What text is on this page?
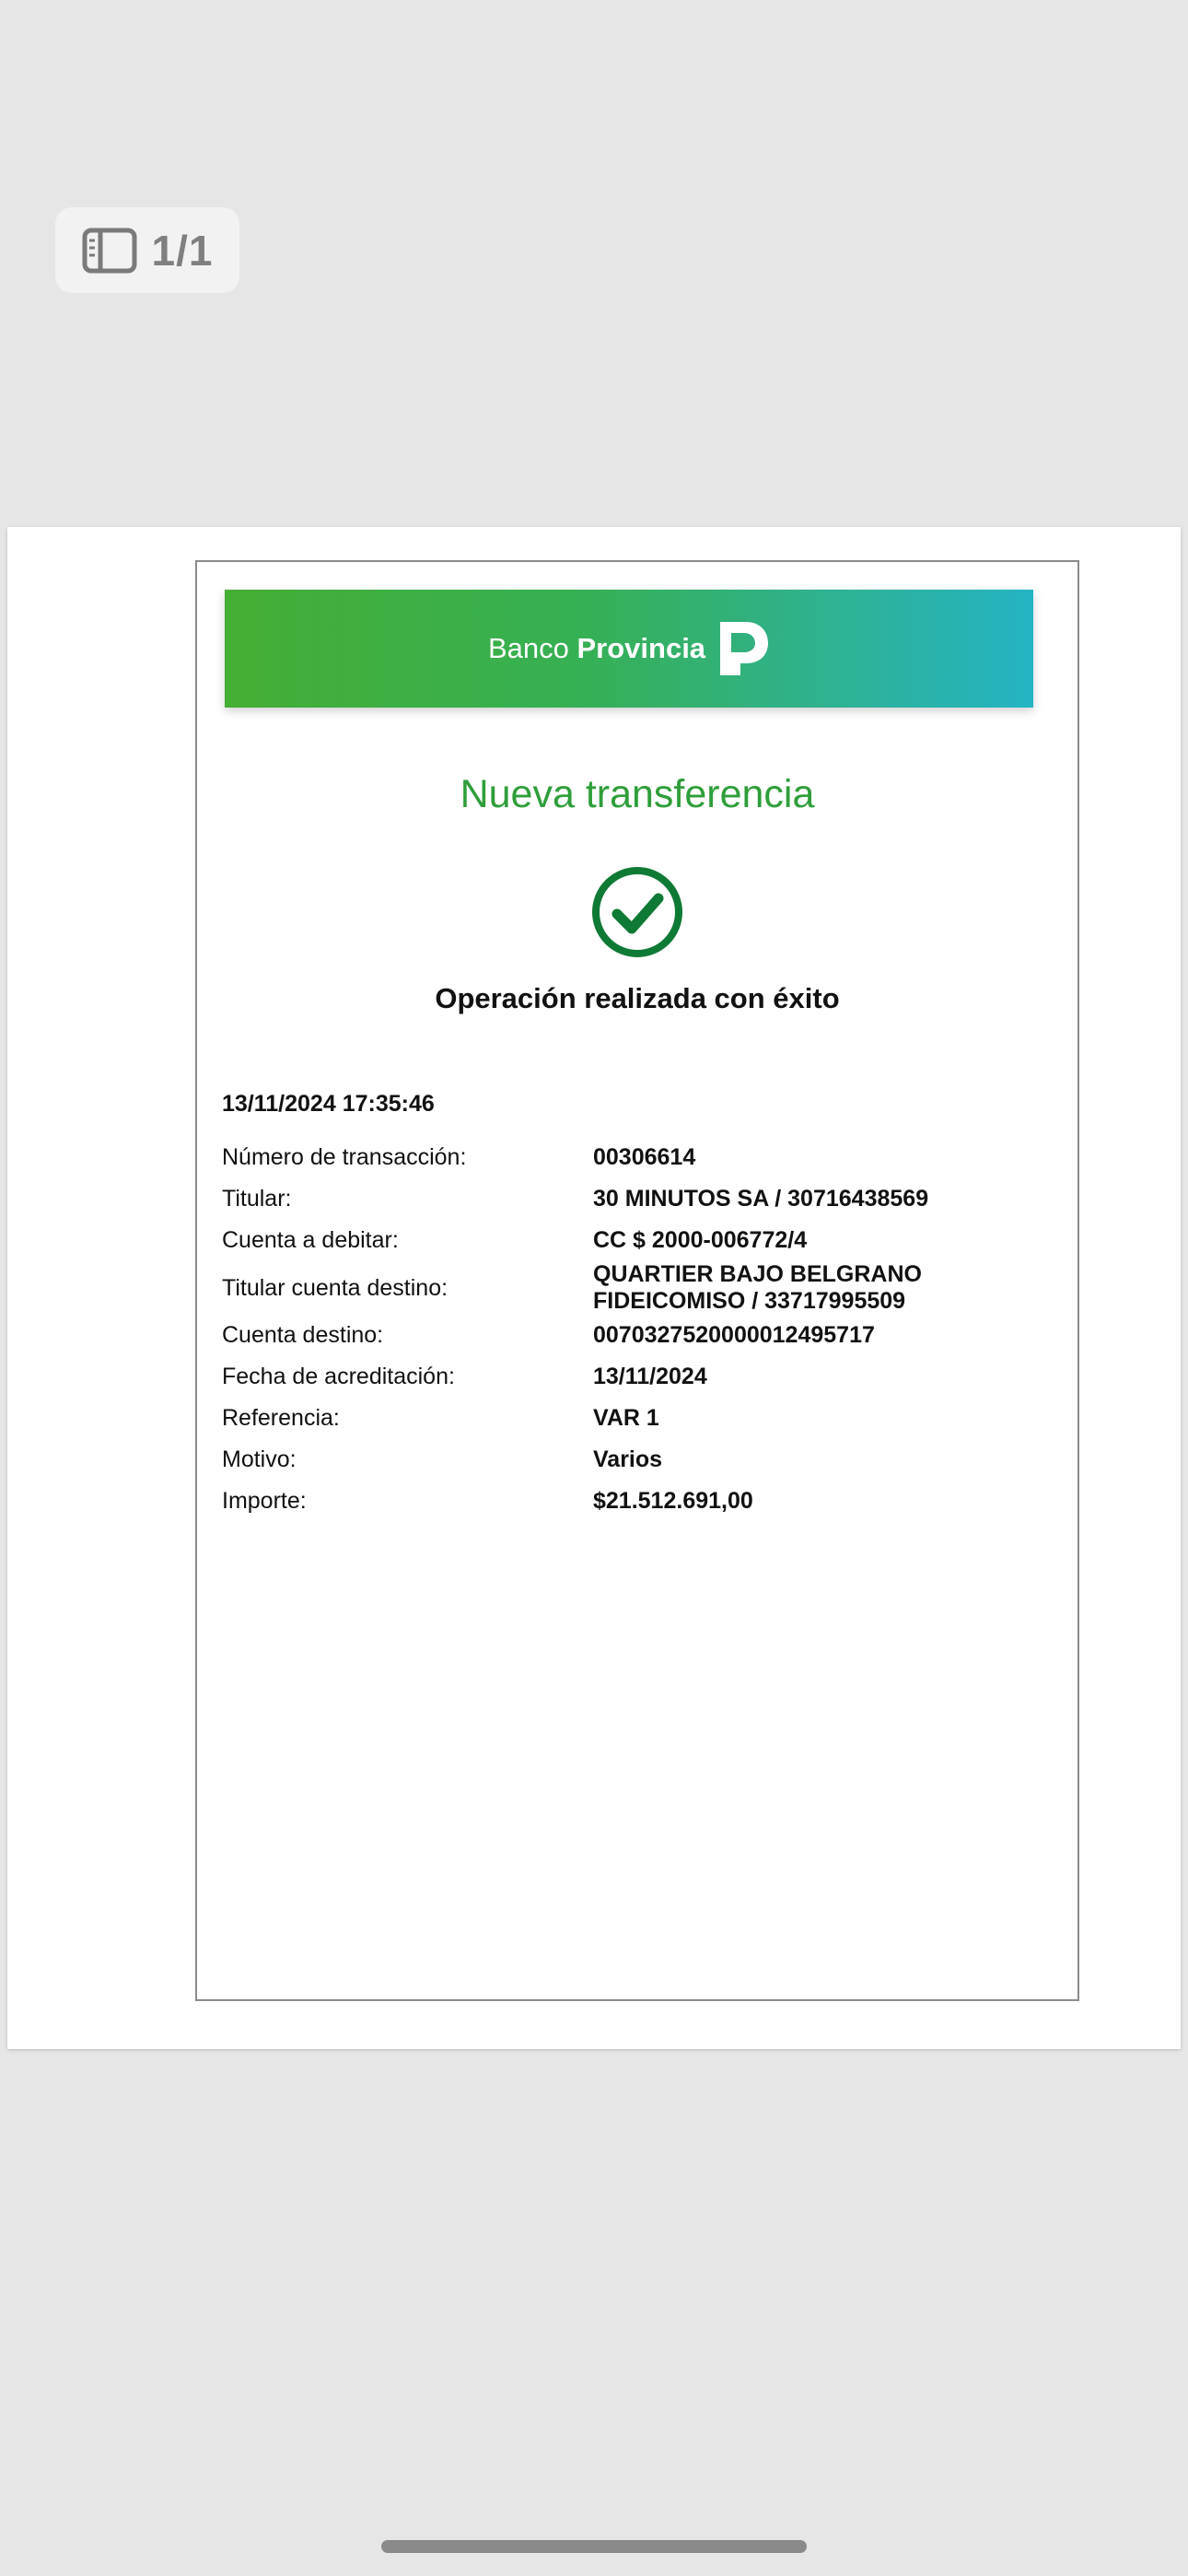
1/1
Banco Provincia
Nueva transferencia
Operación realizada con éxito
13/11/2024 17:35:46
Número de transacción:	00306614
Titular:	30 MINUTOS SA / 30716438569
Cuenta a debitar:	CC $ 2000-006772/4
Titular cuenta destino:
QUARTIER BAJO BELGRANO FIDEICOMISO / 33717995509
Cuenta destino:	0070327520000012495717
Fecha de acreditación:	13/11/2024
Referencia:	VAR 1
Motivo:	Varios
Importe:	$21.512.691,00
